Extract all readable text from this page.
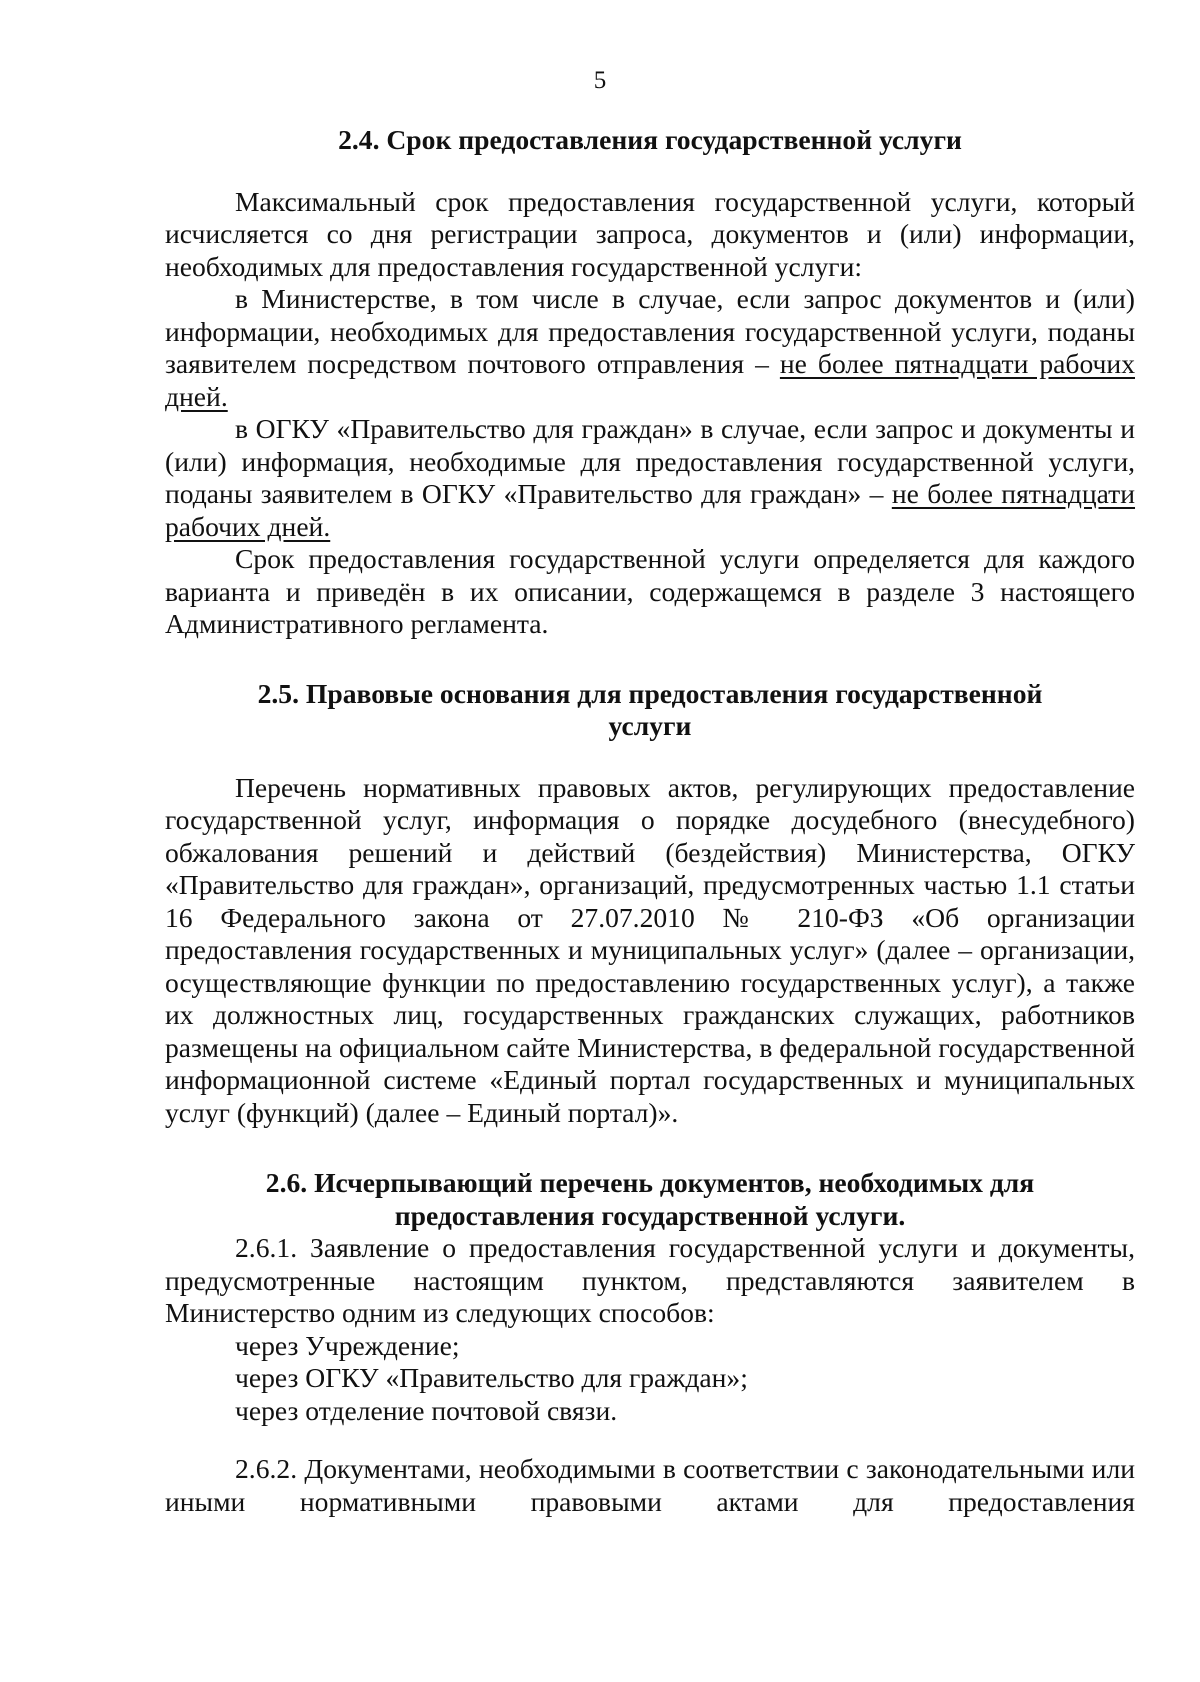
5
2.4. Срок предоставления государственной услуги

Максимальный срок предоставления государственной услуги, который исчисляется со дня регистрации запроса, документов и (или) информации, необходимых для предоставления государственной услуги:

в Министерстве, в том числе в случае, если запрос документов и (или) информации, необходимых для предоставления государственной услуги, поданы заявителем посредством почтового отправления – не более пятнадцати рабочих дней.

в ОГКУ «Правительство для граждан» в случае, если запрос и документы и (или) информация, необходимые для предоставления государственной услуги, поданы заявителем в ОГКУ «Правительство для граждан» – не более пятнадцати рабочих дней.

Срок предоставления государственной услуги определяется для каждого варианта и приведён в их описании, содержащемся в разделе 3 настоящего Административного регламента.

2.5. Правовые основания для предоставления государственной
услуги

Перечень нормативных правовых актов, регулирующих предоставление государственной услуг, информация о порядке досудебного (внесудебного) обжалования решений и действий (бездействия) Министерства, ОГКУ «Правительство для граждан», организаций, предусмотренных частью 1.1 статьи 16 Федерального закона от 27.07.2010 № 210-ФЗ «Об организации предоставления государственных и муниципальных услуг» (далее – организации, осуществляющие функции по предоставлению государственных услуг), а также их должностных лиц, государственных гражданских служащих, работников размещены на официальном сайте Министерства, в федеральной государственной информационной системе «Единый портал государственных и муниципальных услуг (функций) (далее – Единый портал)».

2.6. Исчерпывающий перечень документов, необходимых для
предоставления государственной услуги.

2.6.1. Заявление о предоставления государственной услуги и документы, предусмотренные настоящим пунктом, представляются заявителем в Министерство одним из следующих способов:

через Учреждение;

через ОГКУ «Правительство для граждан»;

через отделение почтовой связи.

2.6.2. Документами, необходимыми в соответствии с законодательными или иными нормативными правовыми актами для предоставления
